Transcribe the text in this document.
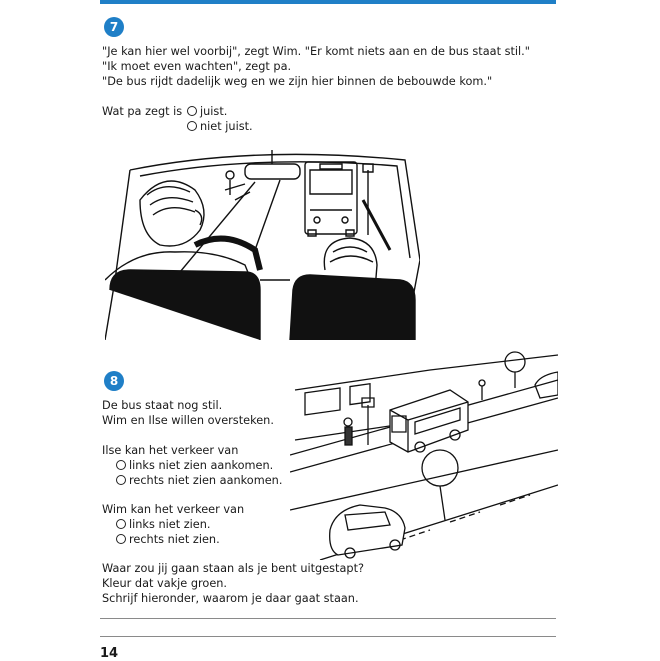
7
"Je kan hier wel voorbij", zegt Wim. "Er komt niets aan en de bus staat stil."
"Ik moet even wachten", zegt pa.
"De bus rijdt dadelijk weg en we zijn hier binnen de bebouwde kom."
Wat pa zegt is	juist.
niet juist.
8
De bus staat nog stil.
Wim en Ilse willen oversteken.
Ilse kan het verkeer van
links niet zien aankomen.
rechts niet zien aankomen.
Wim kan het verkeer van
links niet zien.
rechts niet zien.
Waar zou jij gaan staan als je bent uitgestapt?
Kleur dat vakje groen.
Schrijf hieronder, waarom je daar gaat staan.
14
